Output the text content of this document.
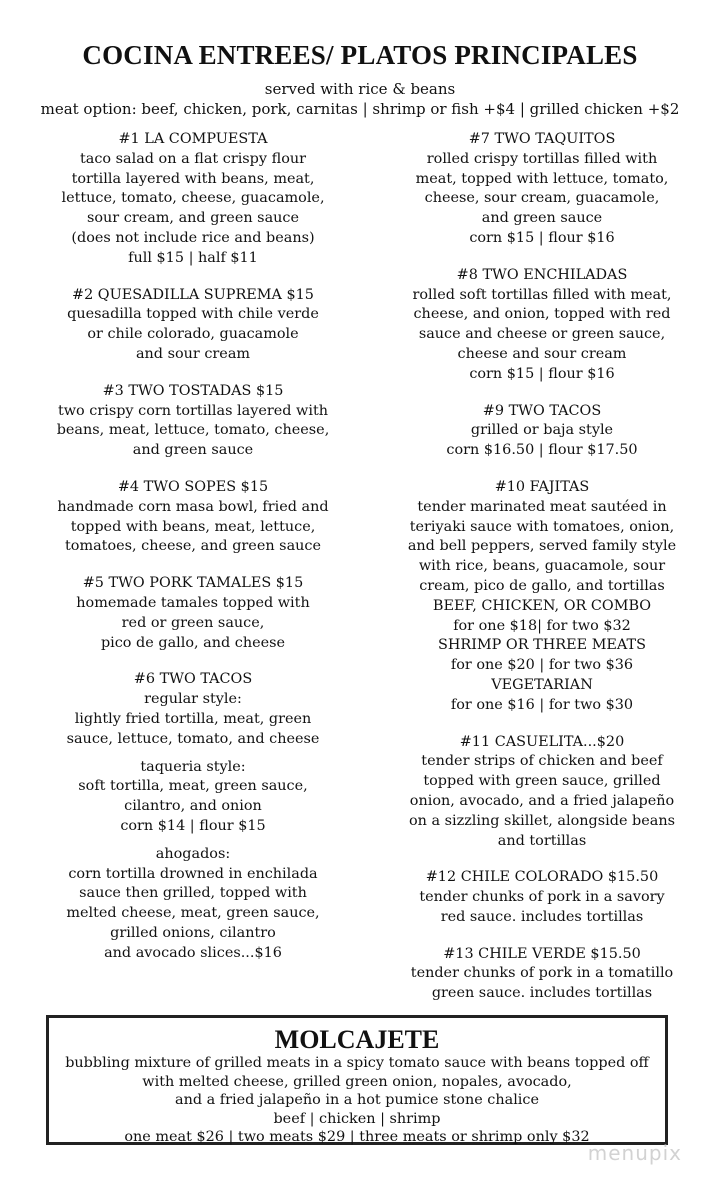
COCINA ENTREES/ PLATOS PRINCIPALES

served with rice & beans

meat option: beef, chicken, pork, carnitas | shrimp or fish +$4 | grilled chicken +$2

#1 LA COMPUESTA

taco salad on a flat crispy flour

tortilla layered with beans, meat,

lettuce, tomato, cheese, guacamole,

sour cream, and green sauce

(does not include rice and beans)

full $15 | half $11

#2 QUESADILLA SUPREMA $15

quesadilla topped with chile verde

or chile colorado, guacamole

and sour cream

#3 TWO TOSTADAS $15

two crispy corn tortillas layered with

beans, meat, lettuce, tomato, cheese,

and green sauce

#4 TWO SOPES $15

handmade corn masa bowl, fried and

topped with beans, meat, lettuce,

tomatoes, cheese, and green sauce

#5 TWO PORK TAMALES $15

homemade tamales topped with

red or green sauce,

pico de gallo, and cheese

#6 TWO TACOS

regular style:

lightly fried tortilla, meat, green

sauce, lettuce, tomato, and cheese

taqueria style:

soft tortilla, meat, green sauce,

cilantro, and onion

corn $14 | flour $15

ahogados:

corn tortilla drowned in enchilada

sauce then grilled, topped with

melted cheese, meat, green sauce,

grilled onions, cilantro

and avocado slices...$16

#7 TWO TAQUITOS

rolled crispy tortillas filled with

meat, topped with lettuce, tomato,

cheese, sour cream, guacamole,

and green sauce

corn $15 | flour $16

#8 TWO ENCHILADAS

rolled soft tortillas filled with meat,

cheese, and onion, topped with red

sauce and cheese or green sauce,

cheese and sour cream

corn $15 | flour $16

#9 TWO TACOS

grilled or baja style

corn $16.50 | flour $17.50

#10 FAJITAS

tender marinated meat sautéed in

teriyaki sauce with tomatoes, onion,

and bell peppers, served family style

with rice, beans, guacamole, sour

cream, pico de gallo, and tortillas

BEEF, CHICKEN, OR COMBO

for one $18| for two $32

SHRIMP OR THREE MEATS

for one $20 | for two $36

VEGETARIAN

for one $16 | for two $30

#11 CASUELITA...$20

tender strips of chicken and beef

topped with green sauce, grilled

onion, avocado, and a fried jalapeño

on a sizzling skillet, alongside beans

and tortillas

#12 CHILE COLORADO $15.50

tender chunks of pork in a savory

red sauce. includes tortillas

#13 CHILE VERDE $15.50

tender chunks of pork in a tomatillo

green sauce. includes tortillas

MOLCAJETE

bubbling mixture of grilled meats in a spicy tomato sauce with beans topped off

with melted cheese, grilled green onion, nopales, avocado,

and a fried jalapeño in a hot pumice stone chalice

beef | chicken | shrimp

one meat $26 | two meats $29 | three meats or shrimp only $32

menupix
